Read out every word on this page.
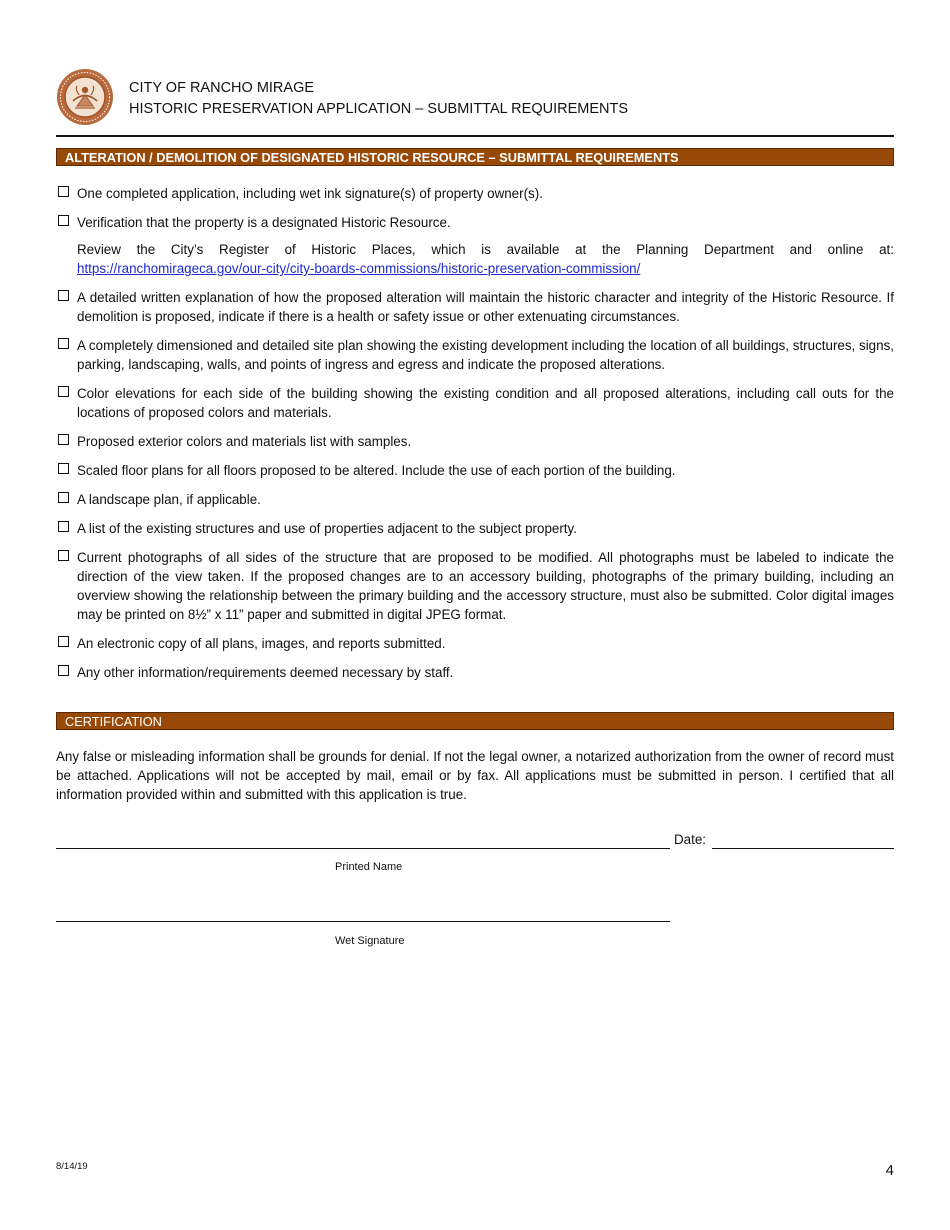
CITY OF RANCHO MIRAGE
HISTORIC PRESERVATION APPLICATION – SUBMITTAL REQUIREMENTS
ALTERATION / DEMOLITION OF DESIGNATED HISTORIC RESOURCE – SUBMITTAL REQUIREMENTS
One completed application, including wet ink signature(s) of property owner(s).
Verification that the property is a designated Historic Resource.
Review the City’s Register of Historic Places, which is available at the Planning Department and online at: https://ranchomirageca.gov/our-city/city-boards-commissions/historic-preservation-commission/
A detailed written explanation of how the proposed alteration will maintain the historic character and integrity of the Historic Resource. If demolition is proposed, indicate if there is a health or safety issue or other extenuating circumstances.
A completely dimensioned and detailed site plan showing the existing development including the location of all buildings, structures, signs, parking, landscaping, walls, and points of ingress and egress and indicate the proposed alterations.
Color elevations for each side of the building showing the existing condition and all proposed alterations, including call outs for the locations of proposed colors and materials.
Proposed exterior colors and materials list with samples.
Scaled floor plans for all floors proposed to be altered. Include the use of each portion of the building.
A landscape plan, if applicable.
A list of the existing structures and use of properties adjacent to the subject property.
Current photographs of all sides of the structure that are proposed to be modified. All photographs must be labeled to indicate the direction of the view taken. If the proposed changes are to an accessory building, photographs of the primary building, including an overview showing the relationship between the primary building and the accessory structure, must also be submitted. Color digital images may be printed on 8½” x 11” paper and submitted in digital JPEG format.
An electronic copy of all plans, images, and reports submitted.
Any other information/requirements deemed necessary by staff.
CERTIFICATION
Any false or misleading information shall be grounds for denial. If not the legal owner, a notarized authorization from the owner of record must be attached. Applications will not be accepted by mail, email or by fax. All applications must be submitted in person. I certified that all information provided within and submitted with this application is true.
Date:
Printed Name
Wet Signature
8/14/19	4
